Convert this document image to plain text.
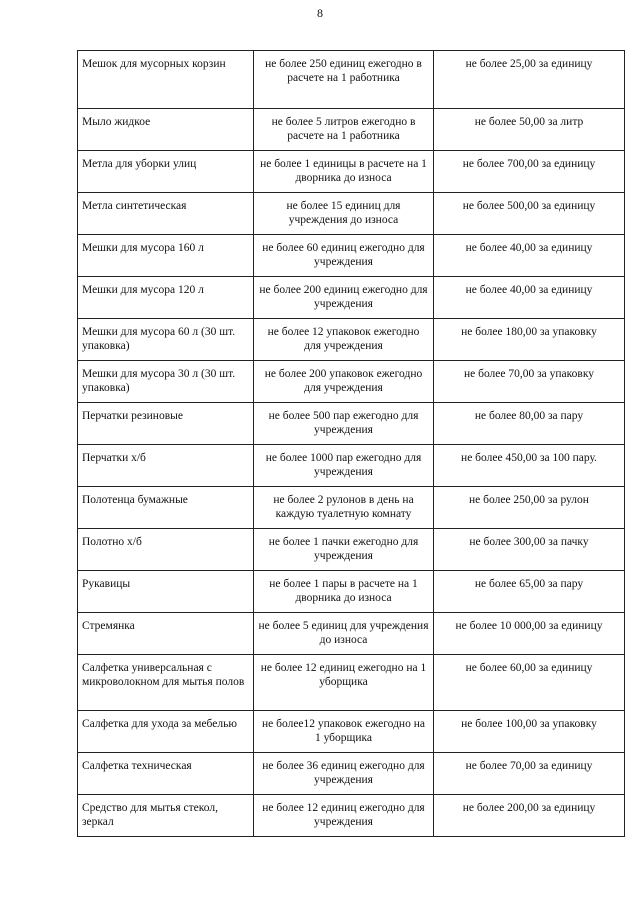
8
Мешок для мусорных корзин	не более 250 единиц ежегодно в расчете на 1 работника	не более 25,00 за единицу
Мыло жидкое	не более 5 литров ежегодно в расчете на 1 работника	не более 50,00 за литр
Метла для уборки улиц	не более 1 единицы в расчете на 1 дворника до износа	не более 700,00 за единицу
Метла синтетическая	не более 15 единиц для учреждения до износа	не более 500,00 за единицу
Мешки для мусора 160 л	не более 60 единиц ежегодно для учреждения	не более 40,00 за единицу
Мешки для мусора 120 л	не более 200 единиц ежегодно для учреждения	не более 40,00 за единицу
Мешки для мусора 60 л (30 шт. упаковка)	не более 12 упаковок ежегодно для учреждения	не более 180,00 за упаковку
Мешки для мусора 30 л (30 шт. упаковка)	не более 200 упаковок ежегодно для учреждения	не более 70,00 за упаковку
Перчатки резиновые	не более 500 пар ежегодно для учреждения	не более 80,00 за пару
Перчатки х/б	не более 1000 пар ежегодно для учреждения	не более 450,00 за 100 пару.
Полотенца бумажные	не более 2 рулонов в день на каждую туалетную комнату	не более 250,00 за рулон
Полотно х/б	не более 1 пачки ежегодно для учреждения	не более 300,00 за пачку
Рукавицы	не более 1 пары в расчете на 1 дворника до износа	не более 65,00 за пару
Стремянка	не более 5 единиц для учреждения до износа	не более 10 000,00 за единицу
Салфетка универсальная с микроволокном для мытья полов	не более 12 единиц ежегодно на 1 уборщика	не более 60,00 за единицу
Салфетка для ухода за мебелью	не более12 упаковок ежегодно на 1 уборщика	не более 100,00 за упаковку
Салфетка техническая	не более 36 единиц ежегодно для учреждения	не более 70,00 за единицу
Средство для мытья стекол, зеркал	не более 12 единиц ежегодно для учреждения	не более 200,00 за единицу
